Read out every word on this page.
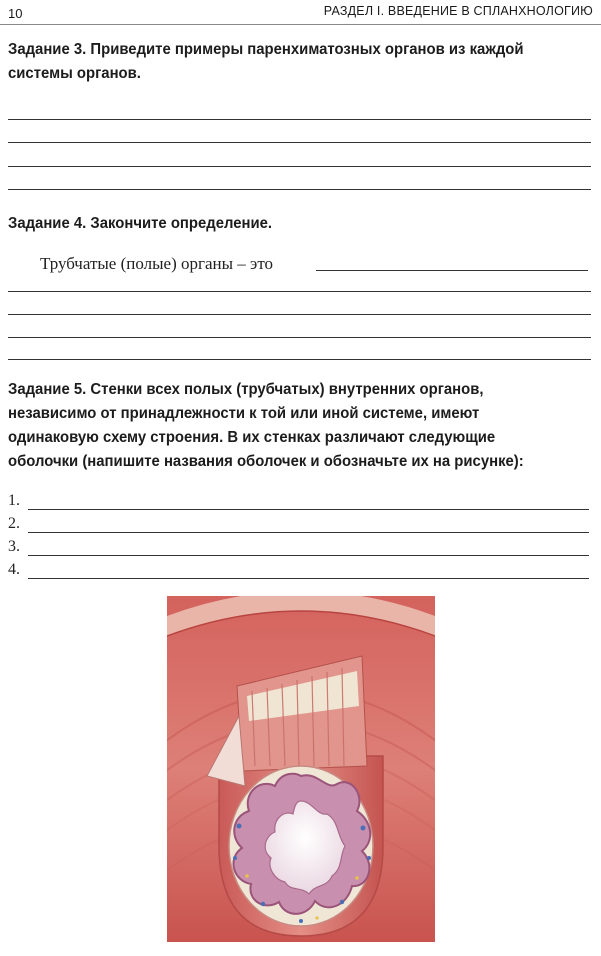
10	РАЗДЕЛ I. ВВЕДЕНИЕ В СПЛАНХНОЛОГИЮ
Задание 3. Приведите примеры паренхиматозных органов из каждой
системы органов.
Задание 4. Закончите определение.
Трубчатые (полые) органы – это
Задание 5. Стенки всех полых (трубчатых) внутренних органов,
независимо от принадлежности к той или иной системе, имеют
одинаковую схему строения. В их стенках различают следующие
оболочки (напишите названия оболочек и обозначьте их на рисунке):
1.
2.
3.
4.
